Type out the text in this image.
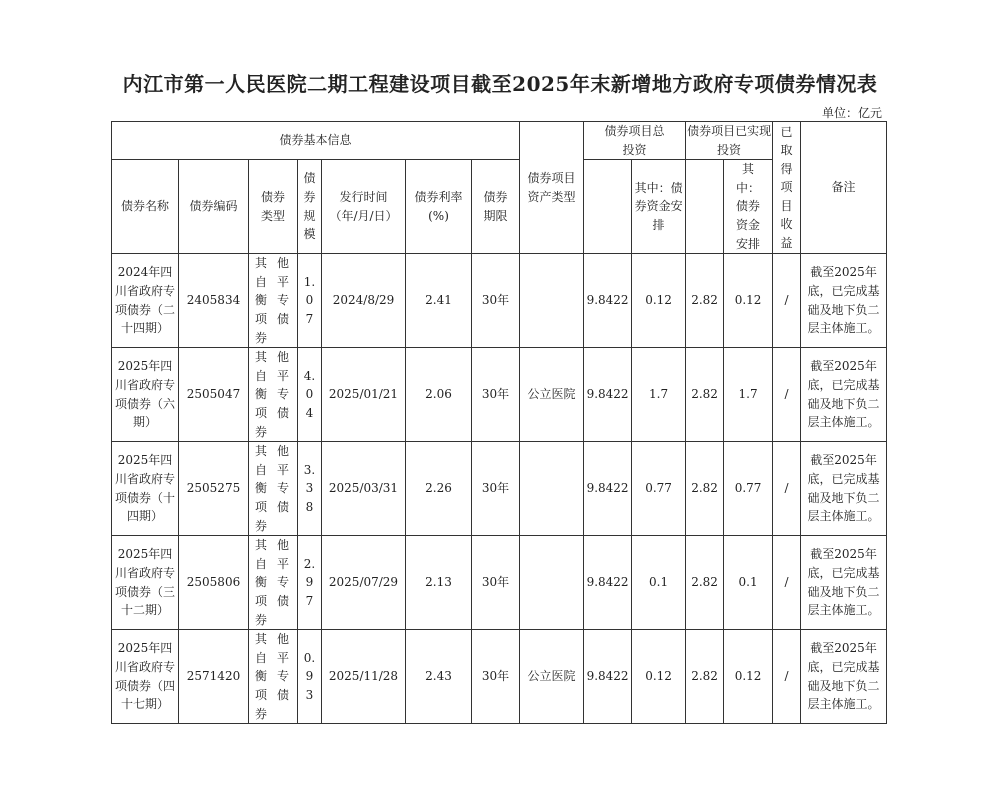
内江市第一人民医院二期工程建设项目截至2025年末新增地方政府专项债券情况表
单位：亿元
债券基本信息							债券项目资产类型	债券项目总投资		债券项目已实现投资		已取得项目收益	备注
债券名称	债券编码	债券类型	债券规模	发行时间（年/月/日）	债券利率(%)	债券期限			其中：债券资金安排		其中：债券资金安排		

2024年四川省政府专项债券（二十四期）	2405834	其他自平衡专项债券	1.07	2024/8/29	2.41	30年		9.8422	0.12	2.82	0.12	/	截至2025年底，已完成基础及地下负二层主体施工。

2025年四川省政府专项债券（六期）	2505047	其他自平衡专项债券	4.04	2025/01/21	2.06	30年	公立医院	9.8422	1.7	2.82	1.7	/	截至2025年底，已完成基础及地下负二层主体施工。

2025年四川省政府专项债券（十四期）	2505275	其他自平衡专项债券	3.38	2025/03/31	2.26	30年		9.8422	0.77	2.82	0.77	/	截至2025年底，已完成基础及地下负二层主体施工。

2025年四川省政府专项债券（三十二期）	2505806	其他自平衡专项债券	2.97	2025/07/29	2.13	30年		9.8422	0.1	2.82	0.1	/	截至2025年底，已完成基础及地下负二层主体施工。

2025年四川省政府专项债券（四十七期）	2571420	其他自平衡专项债券	0.93	2025/11/28	2.43	30年	公立医院	9.8422	0.12	2.82	0.12	/	截至2025年底，已完成基础及地下负二层主体施工。
